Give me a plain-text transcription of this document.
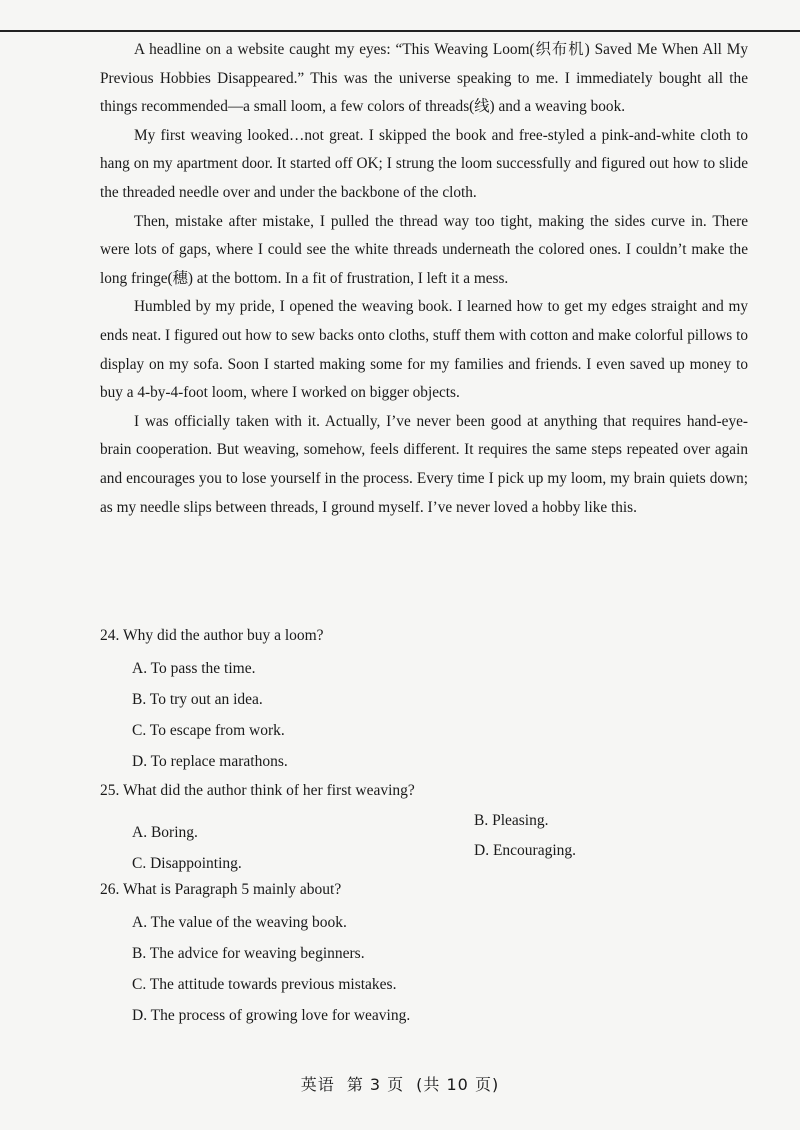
A headline on a website caught my eyes: “This Weaving Loom(织布机) Saved Me When All My Previous Hobbies Disappeared.” This was the universe speaking to me. I immediately bought all the things recommended—a small loom, a few colors of threads(线) and a weaving book.

My first weaving looked…not great. I skipped the book and free-styled a pink-and-white cloth to hang on my apartment door. It started off OK; I strung the loom successfully and figured out how to slide the threaded needle over and under the backbone of the cloth.

Then, mistake after mistake, I pulled the thread way too tight, making the sides curve in. There were lots of gaps, where I could see the white threads underneath the colored ones. I couldn’t make the long fringe(穗) at the bottom. In a fit of frustration, I left it a mess.

Humbled by my pride, I opened the weaving book. I learned how to get my edges straight and my ends neat. I figured out how to sew backs onto cloths, stuff them with cotton and make colorful pillows to display on my sofa. Soon I started making some for my families and friends. I even saved up money to buy a 4-by-4-foot loom, where I worked on bigger objects.

I was officially taken with it. Actually, I’ve never been good at anything that requires hand-eye-brain cooperation. But weaving, somehow, feels different. It requires the same steps repeated over again and encourages you to lose yourself in the process. Every time I pick up my loom, my brain quiets down; as my needle slips between threads, I ground myself. I’ve never loved a hobby like this.

24. Why did the author buy a loom?
A. To pass the time.
B. To try out an idea.
C. To escape from work.
D. To replace marathons.
25. What did the author think of her first weaving?
A. Boring.
B. Pleasing.
C. Disappointing.
D. Encouraging.
26. What is Paragraph 5 mainly about?
A. The value of the weaving book.
B. The advice for weaving beginners.
C. The attitude towards previous mistakes.
D. The process of growing love for weaving.
英语 第 3 页 (共 10 页)
